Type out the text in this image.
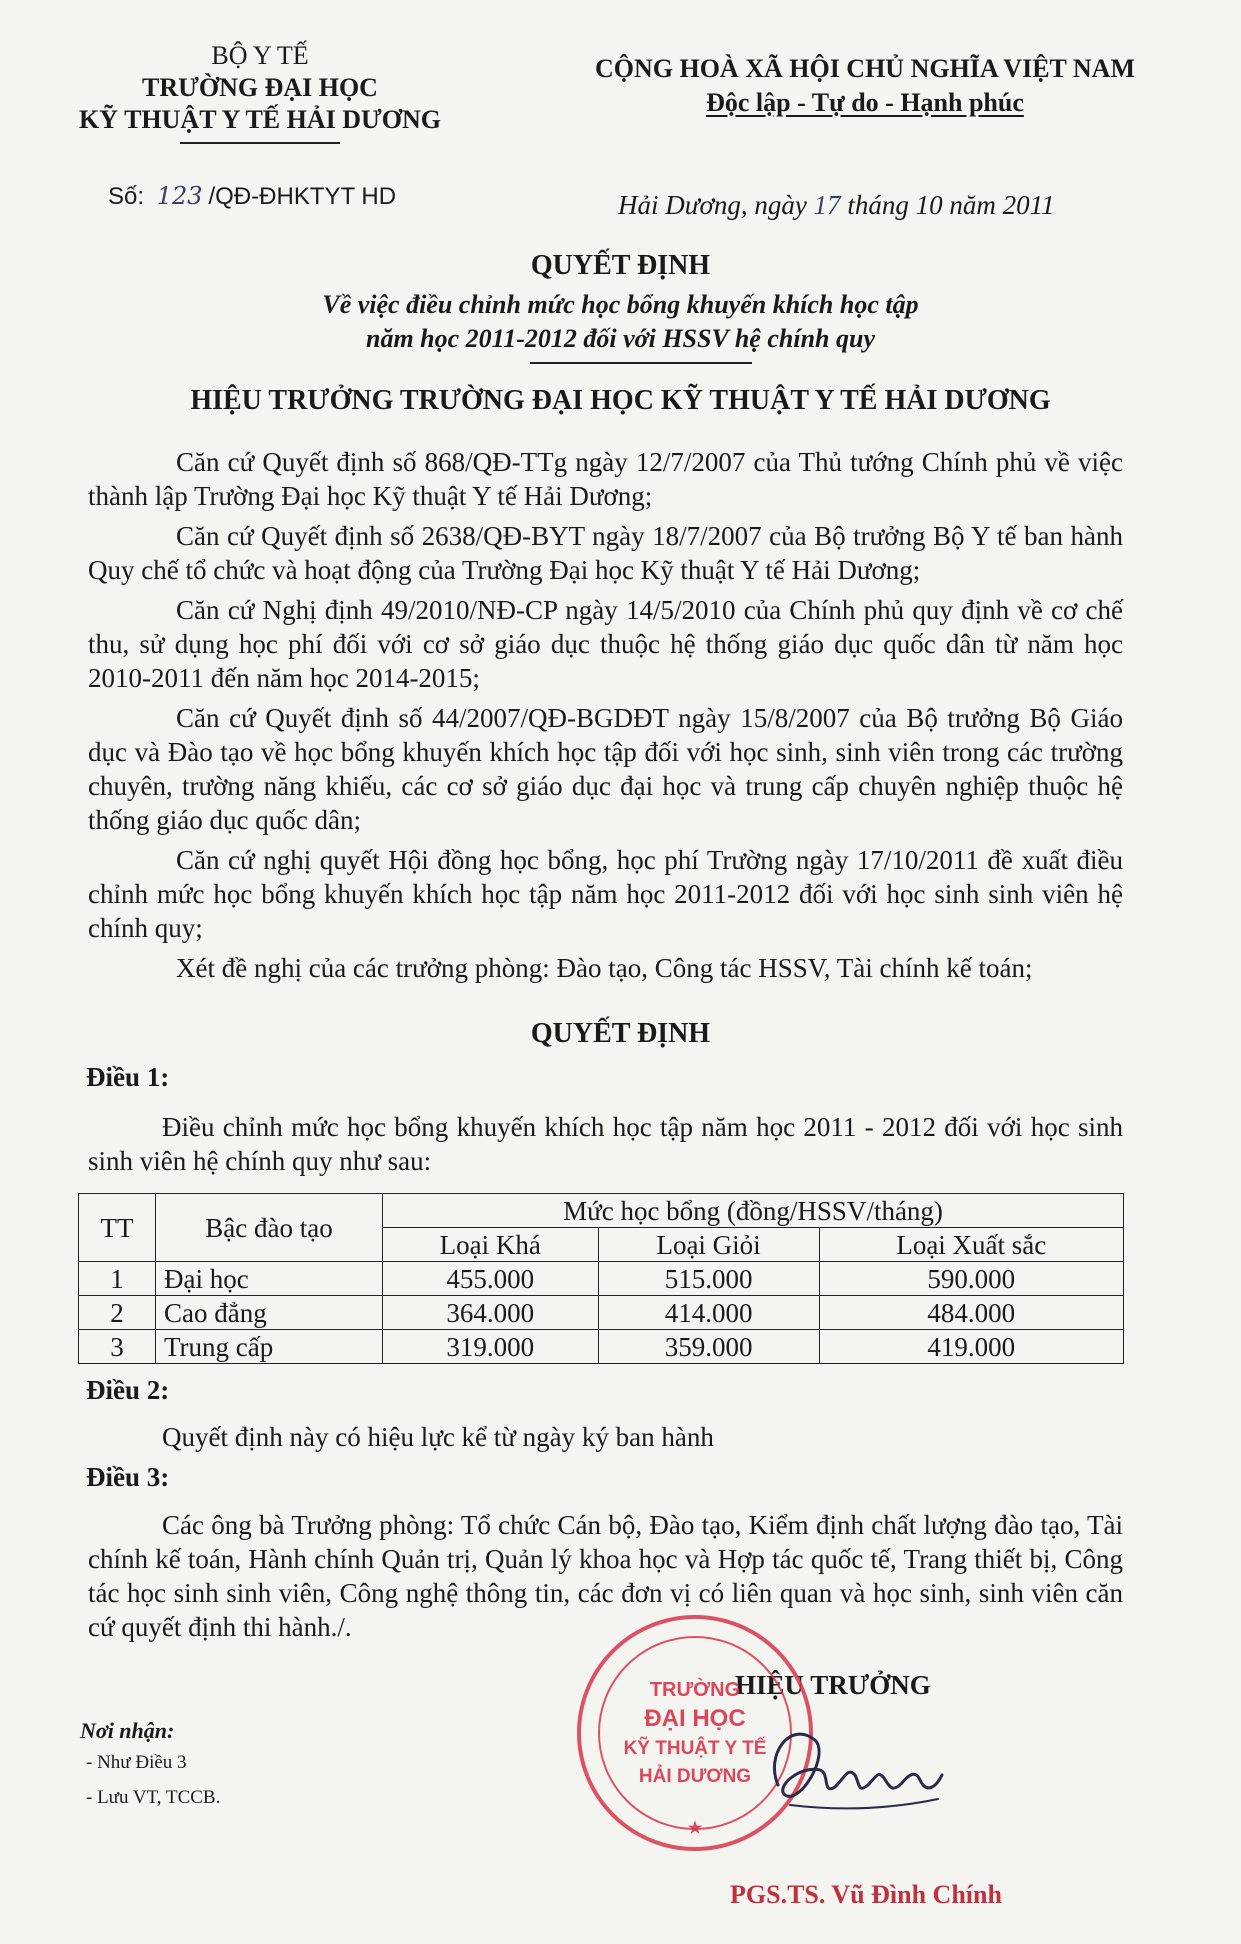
BỘ Y TẾ
TRƯỜNG ĐẠI HỌC
KỸ THUẬT Y TẾ HẢI DƯƠNG
CỘNG HOÀ XÃ HỘI CHỦ NGHĨA VIỆT NAM
Độc lập - Tự do - Hạnh phúc
Số: 123 /QĐ-ĐHKTYT HD	Hải Dương, ngày 17 tháng 10 năm 2011
QUYẾT ĐỊNH
Về việc điều chỉnh mức học bổng khuyến khích học tập
năm học 2011-2012 đối với HSSV hệ chính quy
HIỆU TRƯỞNG TRƯỜNG ĐẠI HỌC KỸ THUẬT Y TẾ HẢI DƯƠNG

Căn cứ Quyết định số 868/QĐ-TTg ngày 12/7/2007 của Thủ tướng Chính phủ về việc thành lập Trường Đại học Kỹ thuật Y tế Hải Dương;

Căn cứ Quyết định số 2638/QĐ-BYT ngày 18/7/2007 của Bộ trưởng Bộ Y tế ban hành Quy chế tổ chức và hoạt động của Trường Đại học Kỹ thuật Y tế Hải Dương;

Căn cứ Nghị định 49/2010/NĐ-CP ngày 14/5/2010 của Chính phủ quy định về cơ chế thu, sử dụng học phí đối với cơ sở giáo dục thuộc hệ thống giáo dục quốc dân từ năm học 2010-2011 đến năm học 2014-2015;

Căn cứ Quyết định số 44/2007/QĐ-BGDĐT ngày 15/8/2007 của Bộ trưởng Bộ Giáo dục và Đào tạo về học bổng khuyến khích học tập đối với học sinh, sinh viên trong các trường chuyên, trường năng khiếu, các cơ sở giáo dục đại học và trung cấp chuyên nghiệp thuộc hệ thống giáo dục quốc dân;

Căn cứ nghị quyết Hội đồng học bổng, học phí Trường ngày 17/10/2011 đề xuất điều chỉnh mức học bổng khuyến khích học tập năm học 2011-2012 đối với học sinh sinh viên hệ chính quy;

Xét đề nghị của các trưởng phòng: Đào tạo, Công tác HSSV, Tài chính kế toán;

QUYẾT ĐỊNH
Điều 1:
Điều chỉnh mức học bổng khuyến khích học tập năm học 2011 - 2012 đối với học sinh sinh viên hệ chính quy như sau:
TT	Bậc đào tạo	Mức học bổng (đồng/HSSV/tháng)		
		Loại Khá	Loại Giỏi	Loại Xuất sắc
1	Đại học	455.000	515.000	590.000
2	Cao đẳng	364.000	414.000	484.000
3	Trung cấp	319.000	359.000	419.000
Điều 2:
Quyết định này có hiệu lực kể từ ngày ký ban hành
Điều 3:
Các ông bà Trưởng phòng: Tổ chức Cán bộ, Đào tạo, Kiểm định chất lượng đào tạo, Tài chính kế toán, Hành chính Quản trị, Quản lý khoa học và Hợp tác quốc tế, Trang thiết bị, Công tác học sinh sinh viên, Công nghệ thông tin, các đơn vị có liên quan và học sinh, sinh viên căn cứ quyết định thi hành./.
HIỆU TRƯỞNG
TRƯỜNG
ĐẠI HỌC
KỸ THUẬT Y TẾ
HẢI DƯƠNG
★
Nơi nhận:
- Như Điều 3
- Lưu VT, TCCB.
PGS.TS. Vũ Đình Chính
